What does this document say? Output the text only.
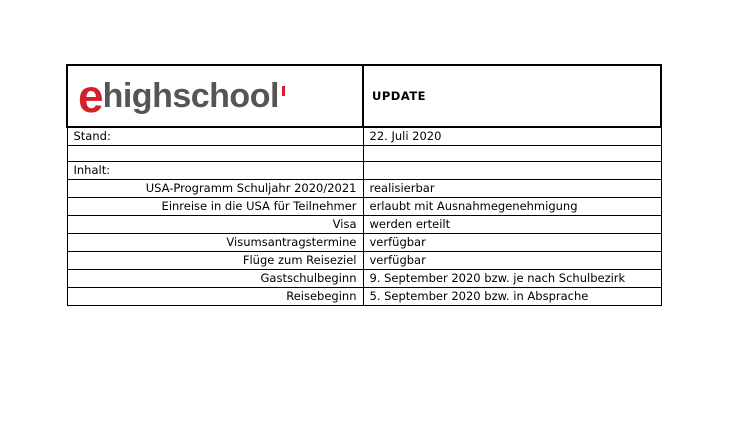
e highschool	UPDATE
Stand:	22. Juli 2020

Inhalt:	
USA-Programm Schuljahr 2020/2021	realisierbar
Einreise in die USA für Teilnehmer	erlaubt mit Ausnahmegenehmigung
Visa	werden erteilt
Visumsantragstermine	verfügbar
Flüge zum Reiseziel	verfügbar
Gastschulbeginn	9. September 2020 bzw. je nach Schulbezirk
Reisebeginn	5. September 2020 bzw. in Absprache
